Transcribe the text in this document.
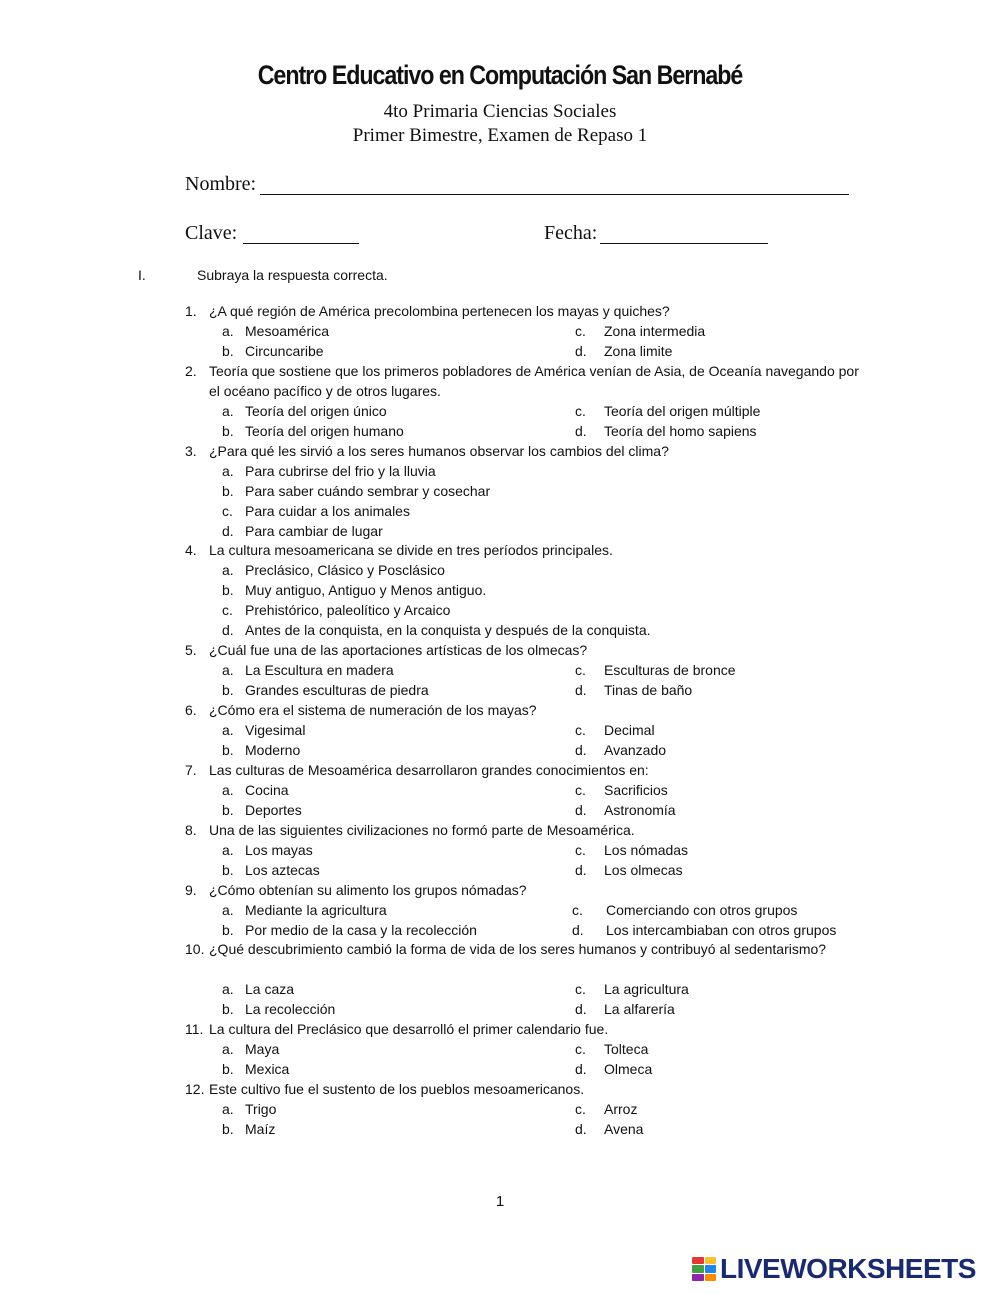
Centro Educativo en Computación San Bernabé
4to Primaria Ciencias Sociales
Primer Bimestre, Examen de Repaso 1
Nombre:
Clave:	Fecha:
I.	Subraya la respuesta correcta.
1. ¿A qué región de América precolombina pertenecen los mayas y quiches?
a. Mesoamérica
b. Circuncaribe
c. Zona intermedia
d. Zona limite
2. Teoría que sostiene que los primeros pobladores de América venían de Asia, de Oceanía navegando por el océano pacífico y de otros lugares.
a. Teoría del origen único
b. Teoría del origen humano
c. Teoría del origen múltiple
d. Teoría del homo sapiens
3. ¿Para qué les sirvió a los seres humanos observar los cambios del clima?
a. Para cubrirse del frio y la lluvia
b. Para saber cuándo sembrar y cosechar
c. Para cuidar a los animales
d. Para cambiar de lugar
4. La cultura mesoamericana se divide en tres períodos principales.
a. Preclásico, Clásico y Posclásico
b. Muy antiguo, Antiguo y Menos antiguo.
c. Prehistórico, paleolítico y Arcaico
d. Antes de la conquista, en la conquista y después de la conquista.
5. ¿Cuál fue una de las aportaciones artísticas de los olmecas?
a. La Escultura en madera
b. Grandes esculturas de piedra
c. Esculturas de bronce
d. Tinas de baño
6. ¿Cómo era el sistema de numeración de los mayas?
a. Vigesimal
b. Moderno
c. Decimal
d. Avanzado
7. Las culturas de Mesoamérica desarrollaron grandes conocimientos en:
a. Cocina
b. Deportes
c. Sacrificios
d. Astronomía
8. Una de las siguientes civilizaciones no formó parte de Mesoamérica.
a. Los mayas
b. Los aztecas
c. Los nómadas
d. Los olmecas
9. ¿Cómo obtenían su alimento los grupos nómadas?
a. Mediante la agricultura
b. Por medio de la casa y la recolección
c. Comerciando con otros grupos
d. Los intercambiaban con otros grupos
10. ¿Qué descubrimiento cambió la forma de vida de los seres humanos y contribuyó al sedentarismo?
a. La caza
b. La recolección
c. La agricultura
d. La alfarería
11. La cultura del Preclásico que desarrolló el primer calendario fue.
a. Maya
b. Mexica
c. Tolteca
d. Olmeca
12. Este cultivo fue el sustento de los pueblos mesoamericanos.
a. Trigo
b. Maíz
c. Arroz
d. Avena
1
LIVEWORKSHEETS
